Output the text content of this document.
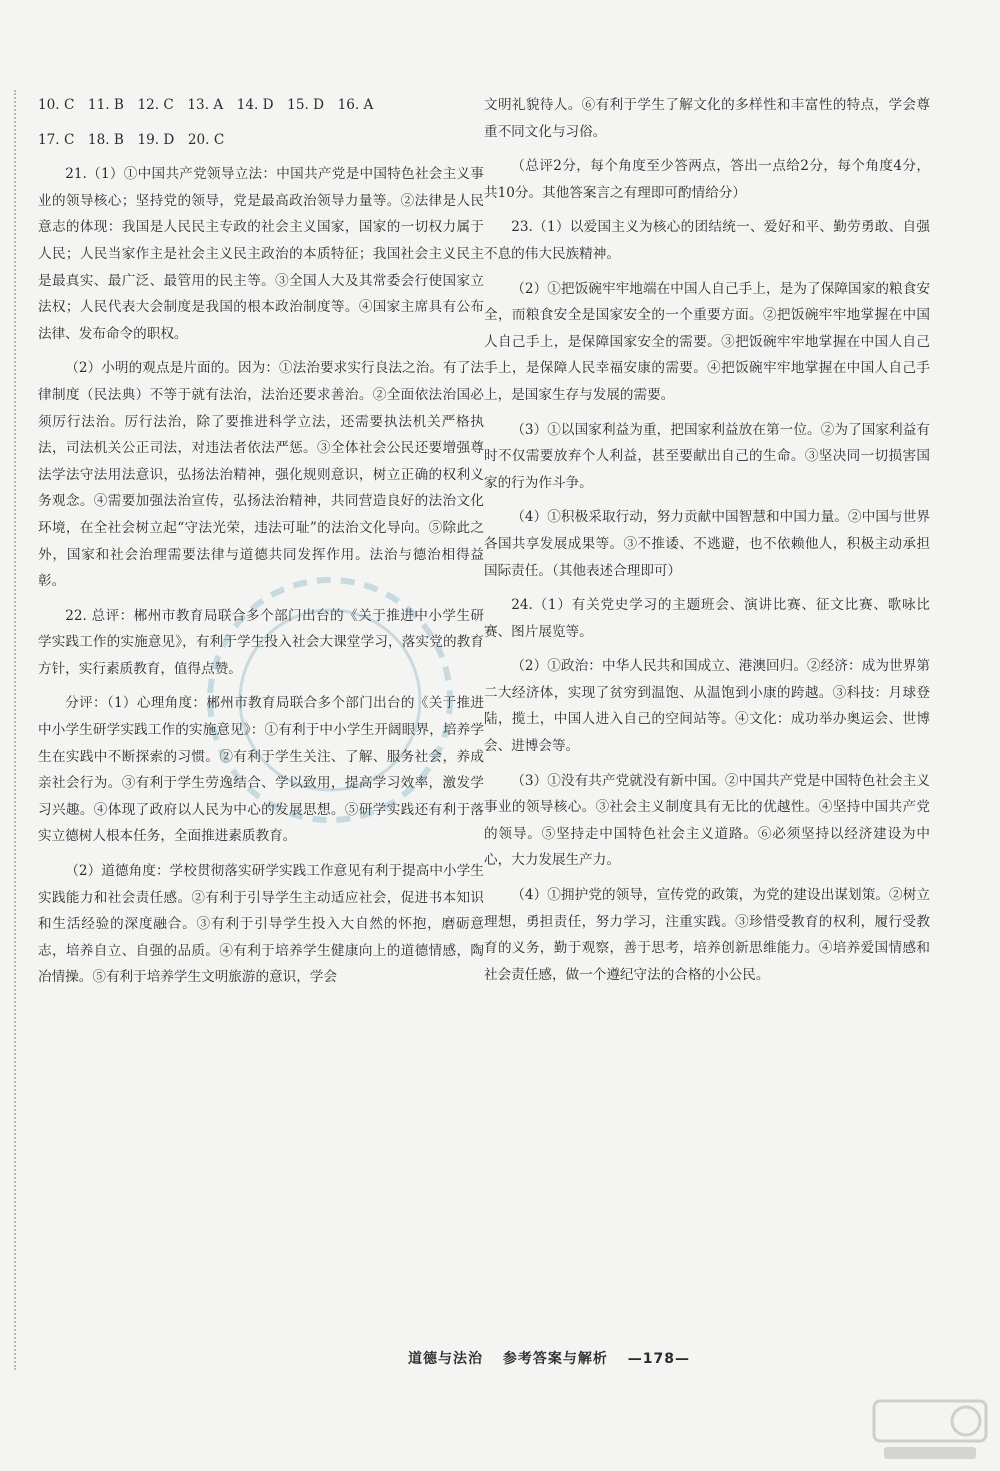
10. C　11. B　12. C　13. A　14. D　15. D　16. A

17. C　18. B　19. D　20. C

21.（1）①中国共产党领导立法：中国共产党是中国特色社会主义事业的领导核心；坚持党的领导，党是最高政治领导力量等。②法律是人民意志的体现：我国是人民民主专政的社会主义国家，国家的一切权力属于人民；人民当家作主是社会主义民主政治的本质特征；我国社会主义民主是最真实、最广泛、最管用的民主等。③全国人大及其常委会行使国家立法权；人民代表大会制度是我国的根本政治制度等。④国家主席具有公布法律、发布命令的职权。

（2）小明的观点是片面的。因为：①法治要求实行良法之治。有了法律制度（民法典）不等于就有法治，法治还要求善治。②全面依法治国必须厉行法治。厉行法治，除了要推进科学立法，还需要执法机关严格执法，司法机关公正司法，对违法者依法严惩。③全体社会公民还要增强尊法学法守法用法意识，弘扬法治精神，强化规则意识，树立正确的权利义务观念。④需要加强法治宣传，弘扬法治精神，共同营造良好的法治文化环境，在全社会树立起“守法光荣，违法可耻”的法治文化导向。⑤除此之外，国家和社会治理需要法律与道德共同发挥作用。法治与德治相得益彰。

22. 总评：郴州市教育局联合多个部门出台的《关于推进中小学生研学实践工作的实施意见》，有利于学生投入社会大课堂学习，落实党的教育方针，实行素质教育，值得点赞。

分评：（1）心理角度：郴州市教育局联合多个部门出台的《关于推进中小学生研学实践工作的实施意见》：①有利于中小学生开阔眼界，培养学生在实践中不断探索的习惯。②有利于学生关注、了解、服务社会，养成亲社会行为。③有利于学生劳逸结合、学以致用，提高学习效率，激发学习兴趣。④体现了政府以人民为中心的发展思想。⑤研学实践还有利于落实立德树人根本任务，全面推进素质教育。

（2）道德角度：学校贯彻落实研学实践工作意见有利于提高中小学生实践能力和社会责任感。②有利于引导学生主动适应社会，促进书本知识和生活经验的深度融合。③有利于引导学生投入大自然的怀抱，磨砺意志，培养自立、自强的品质。④有利于培养学生健康向上的道德情感，陶冶情操。⑤有利于培养学生文明旅游的意识，学会

文明礼貌待人。⑥有利于学生了解文化的多样性和丰富性的特点，学会尊重不同文化与习俗。

（总评2分，每个角度至少答两点，答出一点给2分，每个角度4分，共10分。其他答案言之有理即可酌情给分）

23.（1）以爱国主义为核心的团结统一、爱好和平、勤劳勇敢、自强不息的伟大民族精神。

（2）①把饭碗牢牢地端在中国人自己手上，是为了保障国家的粮食安全，而粮食安全是国家安全的一个重要方面。②把饭碗牢牢地掌握在中国人自己手上，是保障国家安全的需要。③把饭碗牢牢地掌握在中国人自己手上，是保障人民幸福安康的需要。④把饭碗牢牢地掌握在中国人自己手上，是国家生存与发展的需要。

（3）①以国家利益为重，把国家利益放在第一位。②为了国家利益有时不仅需要放弃个人利益，甚至要献出自己的生命。③坚决同一切损害国家的行为作斗争。

（4）①积极采取行动，努力贡献中国智慧和中国力量。②中国与世界各国共享发展成果等。③不推诿、不逃避，也不依赖他人，积极主动承担国际责任。（其他表述合理即可）

24.（1）有关党史学习的主题班会、演讲比赛、征文比赛、歌咏比赛、图片展览等。

（2）①政治：中华人民共和国成立、港澳回归。②经济：成为世界第二大经济体，实现了贫穷到温饱、从温饱到小康的跨越。③科技：月球登陆，揽土，中国人进入自己的空间站等。④文化：成功举办奥运会、世博会、进博会等。

（3）①没有共产党就没有新中国。②中国共产党是中国特色社会主义事业的领导核心。③社会主义制度具有无比的优越性。④坚持中国共产党的领导。⑤坚持走中国特色社会主义道路。⑥必须坚持以经济建设为中心，大力发展生产力。

（4）①拥护党的领导，宣传党的政策，为党的建设出谋划策。②树立理想，勇担责任，努力学习，注重实践。③珍惜受教育的权利，履行受教育的义务，勤于观察，善于思考，培养创新思维能力。④培养爱国情感和社会责任感，做一个遵纪守法的合格的小公民。

道德与法治 参考答案与解析 —178—
